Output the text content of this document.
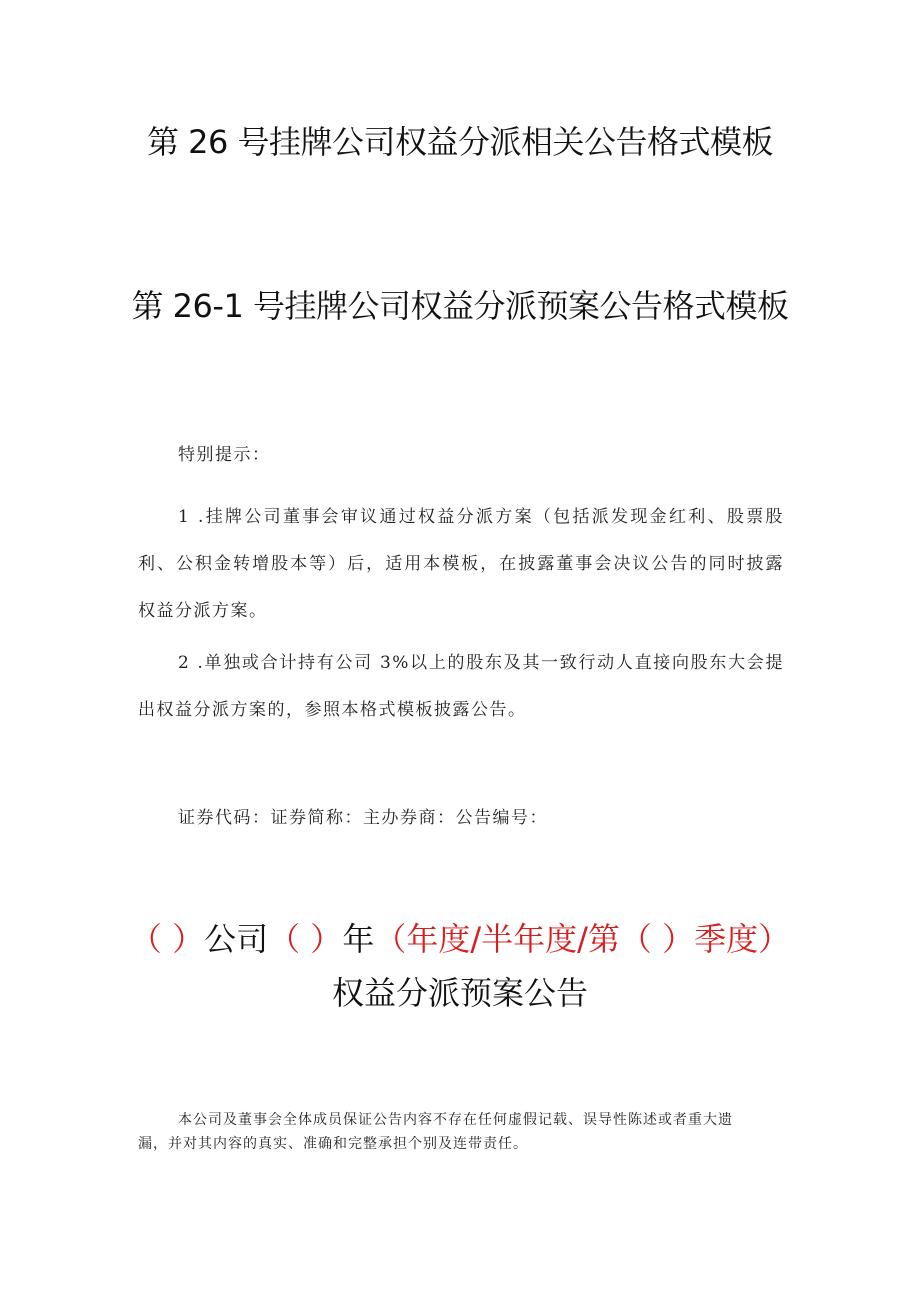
第 26 号挂牌公司权益分派相关公告格式模板
第 26-1 号挂牌公司权益分派预案公告格式模板
特别提示：
1 .挂牌公司董事会审议通过权益分派方案（包括派发现金红利、股票股利、公积金转增股本等）后，适用本模板，在披露董事会决议公告的同时披露权益分派方案。
2 .单独或合计持有公司 3%以上的股东及其一致行动人直接向股东大会提出权益分派方案的，参照本格式模板披露公告。
证券代码：证券简称：主办券商：公告编号：
（ ）公司（ ）年（年度/半年度/第（ ）季度）权益分派预案公告
本公司及董事会全体成员保证公告内容不存在任何虚假记载、误导性陈述或者重大遗漏，并对其内容的真实、准确和完整承担个别及连带责任。
